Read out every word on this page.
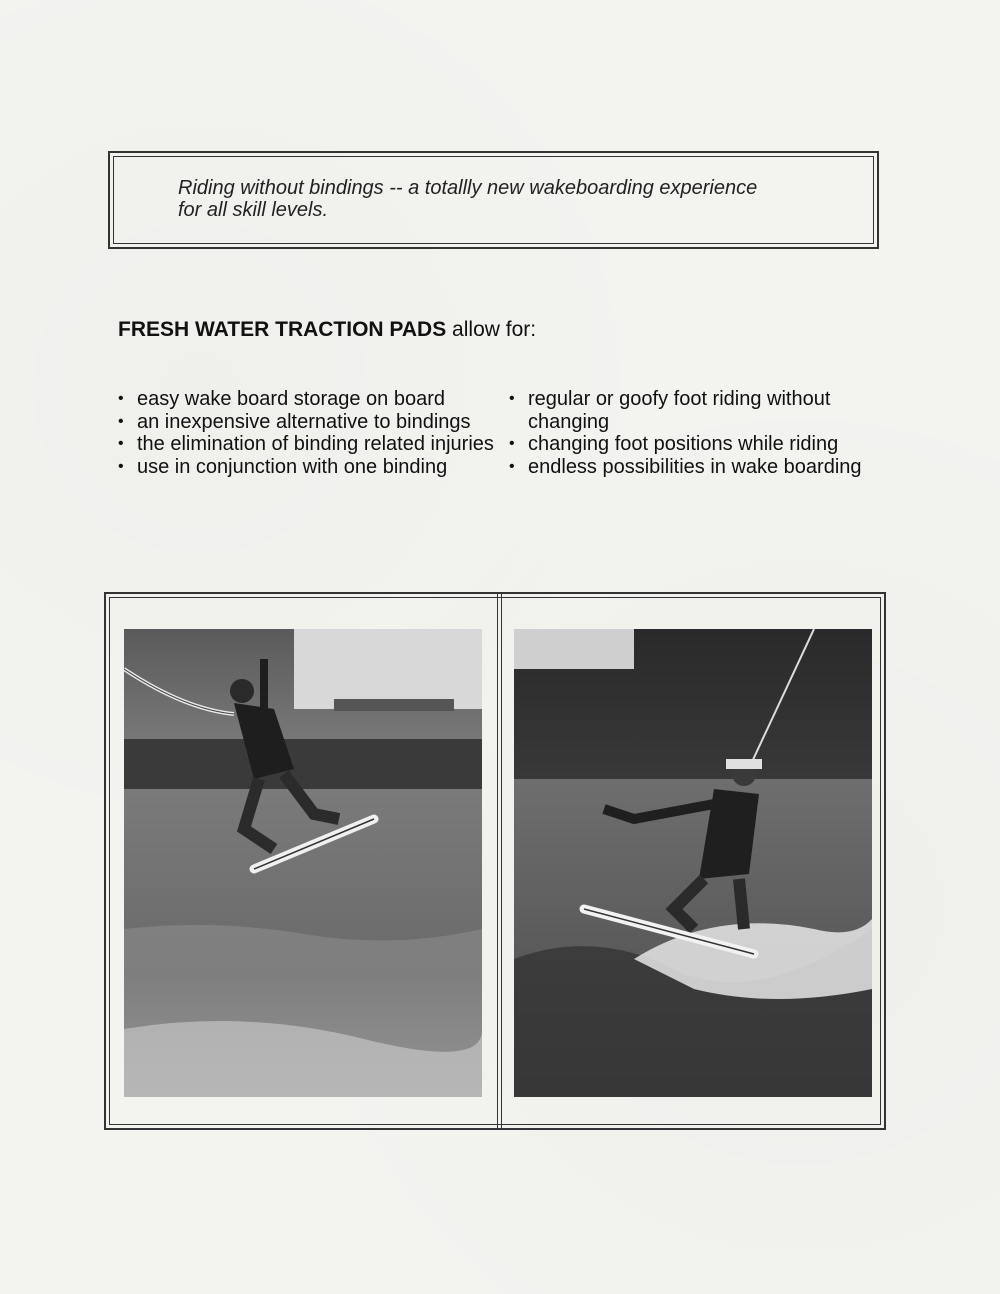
Riding without bindings -- a totallly new wakeboarding experience for all skill levels.

FRESH WATER TRACTION PADS allow for:
• easy wake board storage on board
• an inexpensive alternative to bindings
• the elimination of binding related injuries
• use in conjunction with one binding
• regular or goofy foot riding without changing
• changing foot positions while riding
• endless possibilities in wake boarding
